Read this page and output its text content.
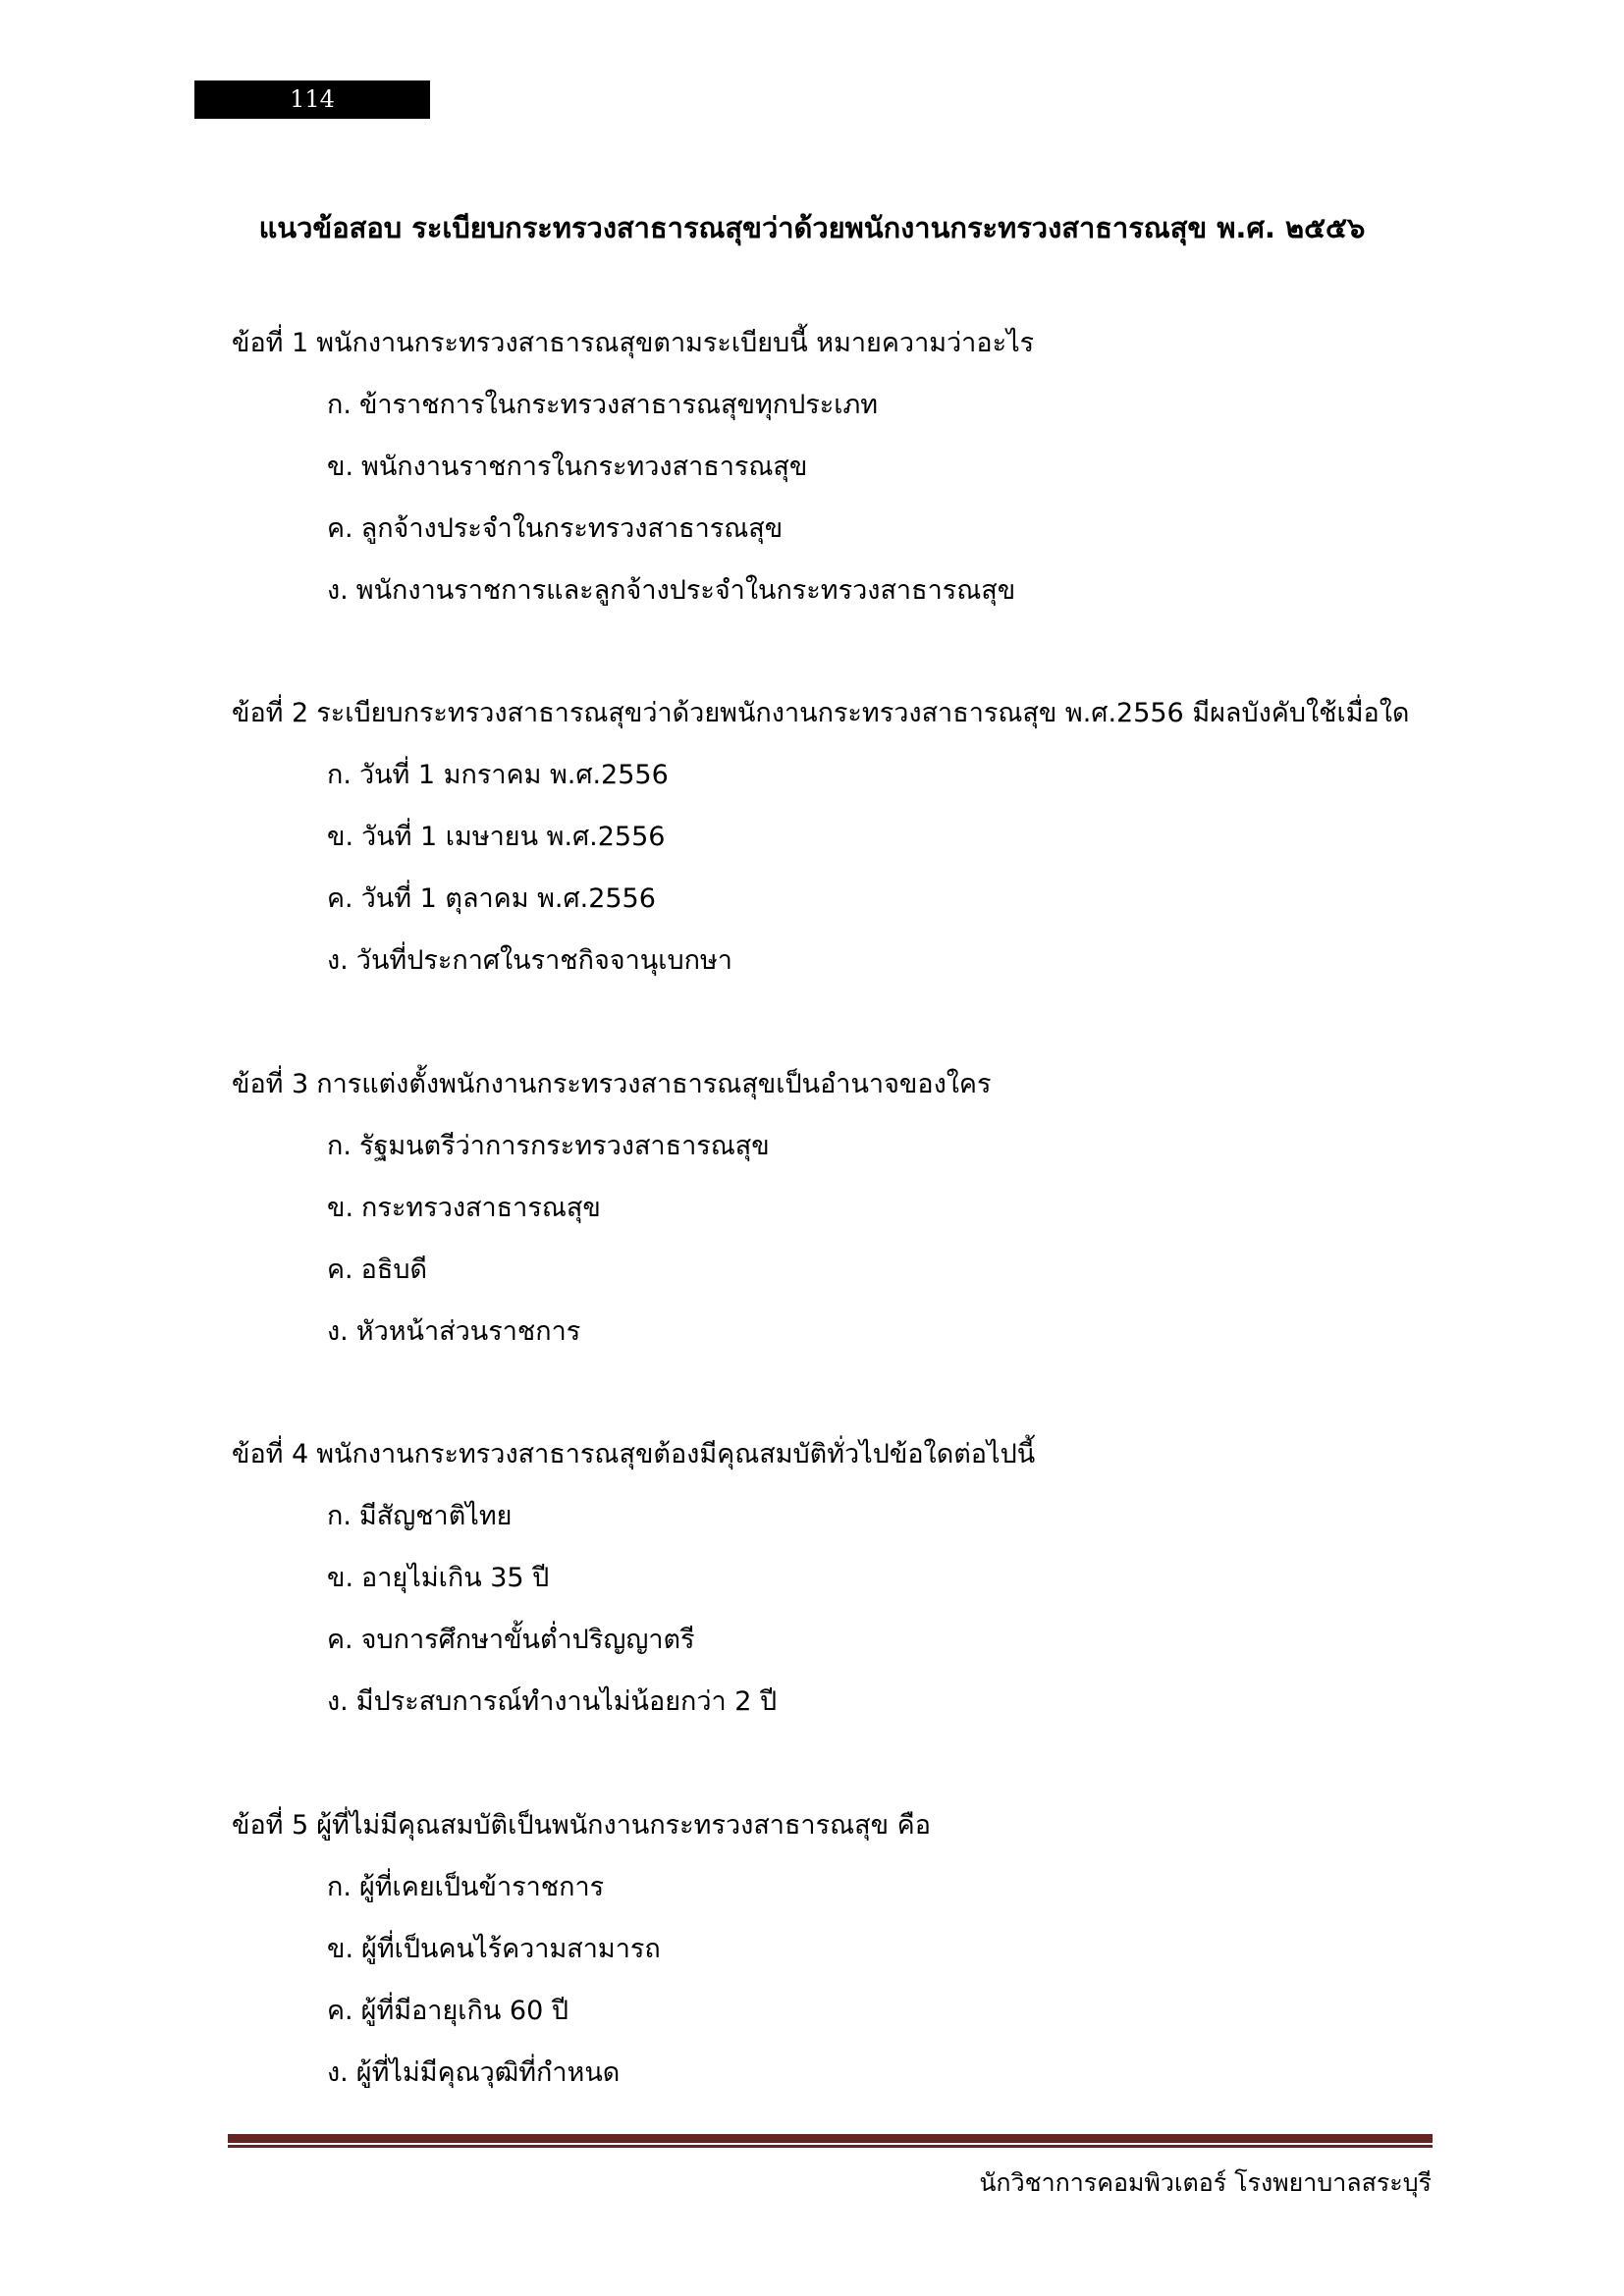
114
แนวข้อสอบ ระเบียบกระทรวงสาธารณสุขว่าด้วยพนักงานกระทรวงสาธารณสุข พ.ศ. ๒๕๕๖
ข้อที่ 1 พนักงานกระทรวงสาธารณสุขตามระเบียบนี้ หมายความว่าอะไร
ก. ข้าราชการในกระทรวงสาธารณสุขทุกประเภท
ข. พนักงานราชการในกระทวงสาธารณสุข
ค. ลูกจ้างประจำในกระทรวงสาธารณสุข
ง. พนักงานราชการและลูกจ้างประจำในกระทรวงสาธารณสุข
ข้อที่ 2 ระเบียบกระทรวงสาธารณสุขว่าด้วยพนักงานกระทรวงสาธารณสุข พ.ศ.2556 มีผลบังคับใช้เมื่อใด
ก. วันที่ 1 มกราคม พ.ศ.2556
ข. วันที่ 1 เมษายน พ.ศ.2556
ค. วันที่ 1 ตุลาคม พ.ศ.2556
ง. วันที่ประกาศในราชกิจจานุเบกษา
ข้อที่ 3 การแต่งตั้งพนักงานกระทรวงสาธารณสุขเป็นอำนาจของใคร
ก. รัฐมนตรีว่าการกระทรวงสาธารณสุข
ข. กระทรวงสาธารณสุข
ค. อธิบดี
ง. หัวหน้าส่วนราชการ
ข้อที่ 4 พนักงานกระทรวงสาธารณสุขต้องมีคุณสมบัติทั่วไปข้อใดต่อไปนี้
ก. มีสัญชาติไทย
ข. อายุไม่เกิน 35 ปี
ค. จบการศึกษาขั้นต่ำปริญญาตรี
ง. มีประสบการณ์ทำงานไม่น้อยกว่า 2 ปี
ข้อที่ 5 ผู้ที่ไม่มีคุณสมบัติเป็นพนักงานกระทรวงสาธารณสุข คือ
ก. ผู้ที่เคยเป็นข้าราชการ
ข. ผู้ที่เป็นคนไร้ความสามารถ
ค. ผู้ที่มีอายุเกิน 60 ปี
ง. ผู้ที่ไม่มีคุณวุฒิที่กำหนด
นักวิชาการคอมพิวเตอร์ โรงพยาบาลสระบุรี
